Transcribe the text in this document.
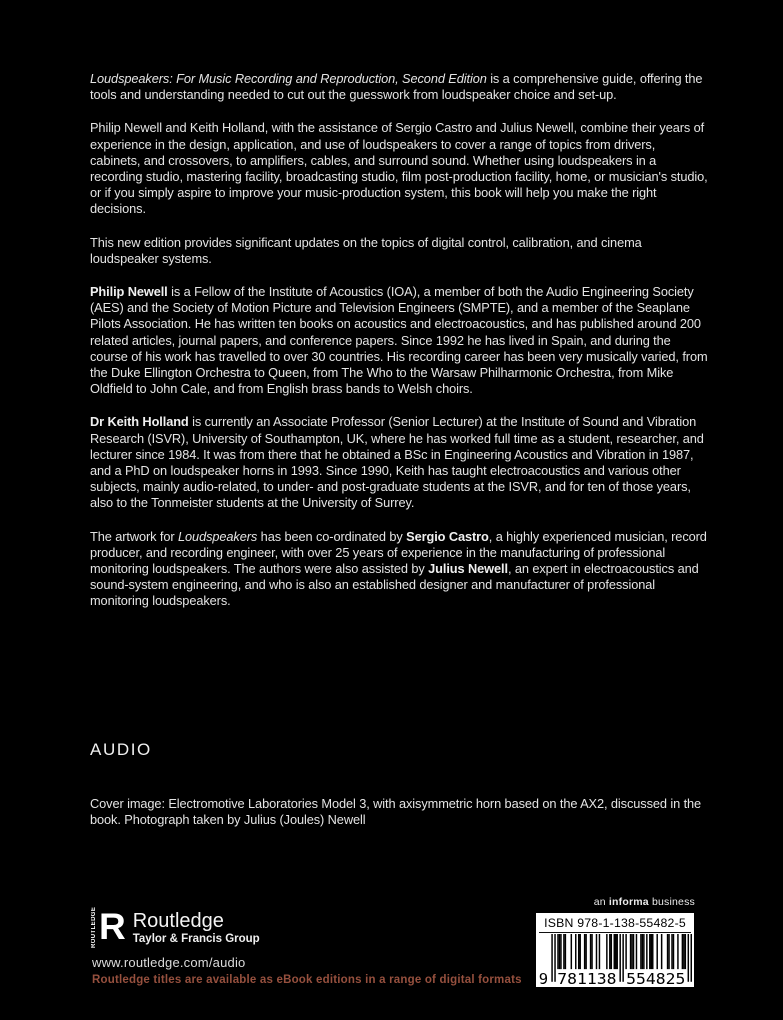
Loudspeakers: For Music Recording and Reproduction, Second Edition is a comprehensive guide, offering the tools and understanding needed to cut out the guesswork from loudspeaker choice and set-up.

Philip Newell and Keith Holland, with the assistance of Sergio Castro and Julius Newell, combine their years of experience in the design, application, and use of loudspeakers to cover a range of topics from drivers, cabinets, and crossovers, to amplifiers, cables, and surround sound. Whether using loudspeakers in a recording studio, mastering facility, broadcasting studio, film post-production facility, home, or musician's studio, or if you simply aspire to improve your music-production system, this book will help you make the right decisions.

This new edition provides significant updates on the topics of digital control, calibration, and cinema loudspeaker systems.

Philip Newell is a Fellow of the Institute of Acoustics (IOA), a member of both the Audio Engineering Society (AES) and the Society of Motion Picture and Television Engineers (SMPTE), and a member of the Seaplane Pilots Association. He has written ten books on acoustics and electroacoustics, and has published around 200 related articles, journal papers, and conference papers. Since 1992 he has lived in Spain, and during the course of his work has travelled to over 30 countries. His recording career has been very musically varied, from the Duke Ellington Orchestra to Queen, from The Who to the Warsaw Philharmonic Orchestra, from Mike Oldfield to John Cale, and from English brass bands to Welsh choirs.

Dr Keith Holland is currently an Associate Professor (Senior Lecturer) at the Institute of Sound and Vibration Research (ISVR), University of Southampton, UK, where he has worked full time as a student, researcher, and lecturer since 1984. It was from there that he obtained a BSc in Engineering Acoustics and Vibration in 1987, and a PhD on loudspeaker horns in 1993. Since 1990, Keith has taught electroacoustics and various other subjects, mainly audio-related, to under- and post-graduate students at the ISVR, and for ten of those years, also to the Tonmeister students at the University of Surrey.

The artwork for Loudspeakers has been co-ordinated by Sergio Castro, a highly experienced musician, record producer, and recording engineer, with over 25 years of experience in the manufacturing of professional monitoring loudspeakers. The authors were also assisted by Julius Newell, an expert in electroacoustics and sound-system engineering, and who is also an established designer and manufacturer of professional monitoring loudspeakers.

AUDIO
Cover image: Electromotive Laboratories Model 3, with axisymmetric horn based on the AX2, discussed in the book. Photograph taken by Julius (Joules) Newell
ROUTLEDGE R Routledge
Taylor & Francis Group
www.routledge.com/audio
Routledge titles are available as eBook editions in a range of digital formats
an informa business
ISBN 978-1-138-55482-5
9 781138 554825
